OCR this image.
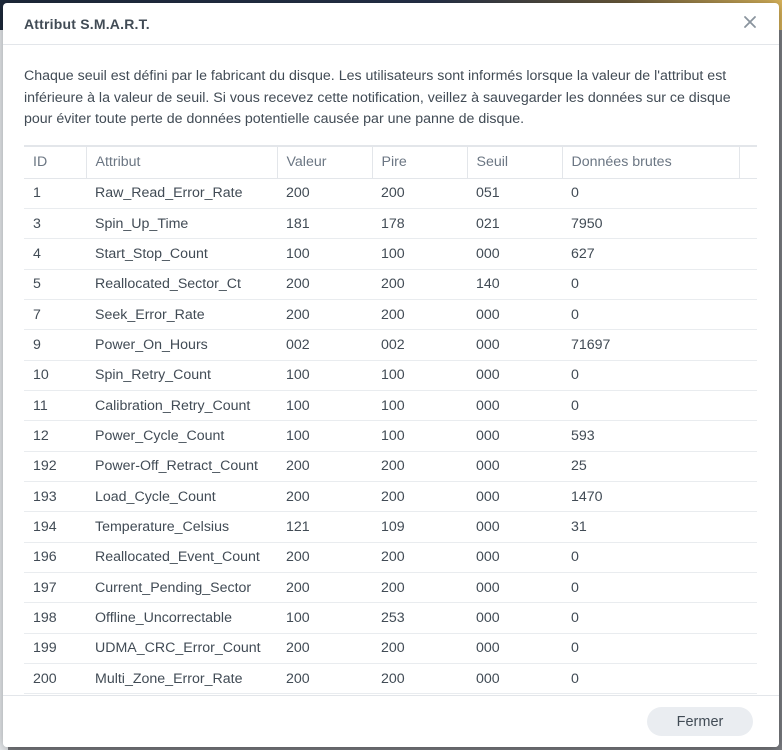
Attribut S.M.A.R.T.
Chaque seuil est défini par le fabricant du disque. Les utilisateurs sont informés lorsque la valeur de l'attribut est inférieure à la valeur de seuil. Si vous recevez cette notification, veillez à sauvegarder les données sur ce disque pour éviter toute perte de données potentielle causée par une panne de disque.
ID	Attribut	Valeur	Pire	Seuil	Données brutes	
1	Raw_Read_Error_Rate	200	200	051	0	
3	Spin_Up_Time	181	178	021	7950	
4	Start_Stop_Count	100	100	000	627	
5	Reallocated_Sector_Ct	200	200	140	0	
7	Seek_Error_Rate	200	200	000	0	
9	Power_On_Hours	002	002	000	71697	
10	Spin_Retry_Count	100	100	000	0	
11	Calibration_Retry_Count	100	100	000	0	
12	Power_Cycle_Count	100	100	000	593	
192	Power-Off_Retract_Count	200	200	000	25	
193	Load_Cycle_Count	200	200	000	1470	
194	Temperature_Celsius	121	109	000	31	
196	Reallocated_Event_Count	200	200	000	0	
197	Current_Pending_Sector	200	200	000	0	
198	Offline_Uncorrectable	100	253	000	0	
199	UDMA_CRC_Error_Count	200	200	000	0	
200	Multi_Zone_Error_Rate	200	200	000	0	
Fermer
